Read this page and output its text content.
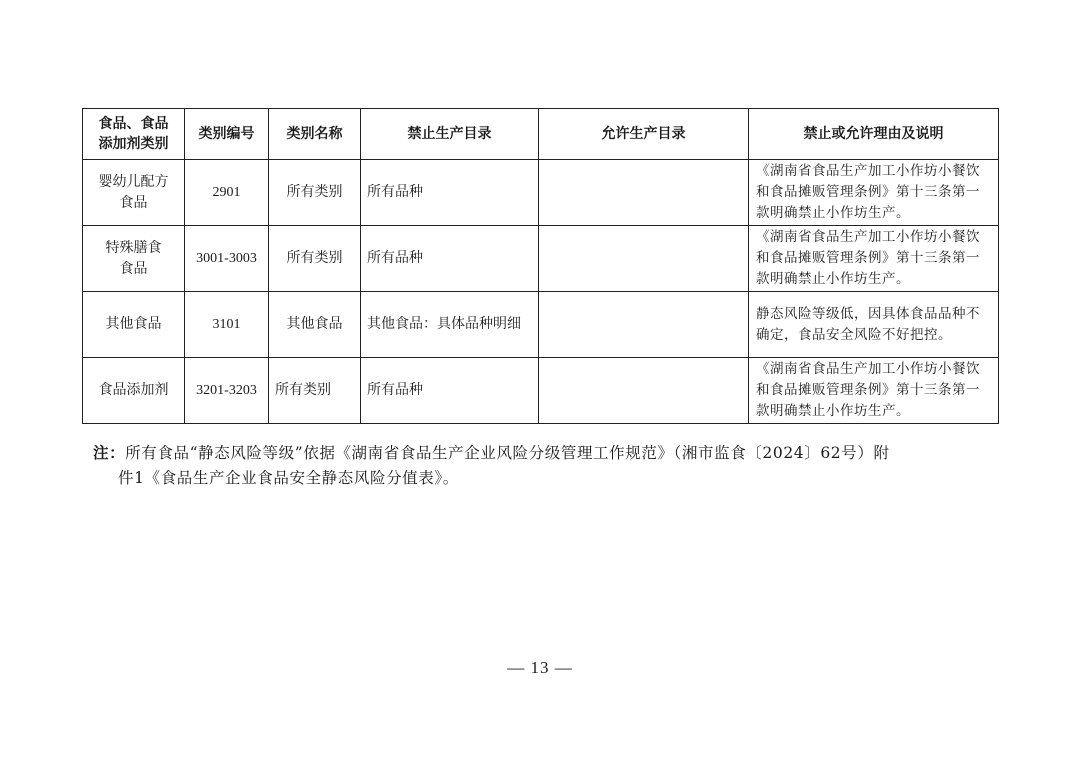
食品、食品
添加剂类别	类别编号	类别名称	禁止生产目录	允许生产目录	禁止或允许理由及说明

婴幼儿配方
食品	2901	所有类别	所有品种		《湖南省食品生产加工小作坊小餐饮和食品摊贩管理条例》第十三条第一款明确禁止小作坊生产。

特殊膳食
食品	3001-3003	所有类别	所有品种		《湖南省食品生产加工小作坊小餐饮和食品摊贩管理条例》第十三条第一款明确禁止小作坊生产。

其他食品	3101	其他食品	其他食品：具体品种明细		静态风险等级低，因具体食品品种不确定，食品安全风险不好把控。

食品添加剂	3201-3203	所有类别	所有品种		《湖南省食品生产加工小作坊小餐饮和食品摊贩管理条例》第十三条第一款明确禁止小作坊生产。
注：所有食品“静态风险等级”依据《湖南省食品生产企业风险分级管理工作规范》（湘市监食〔2024〕62号）附
件1《食品生产企业食品安全静态风险分值表》。
— 13 —
